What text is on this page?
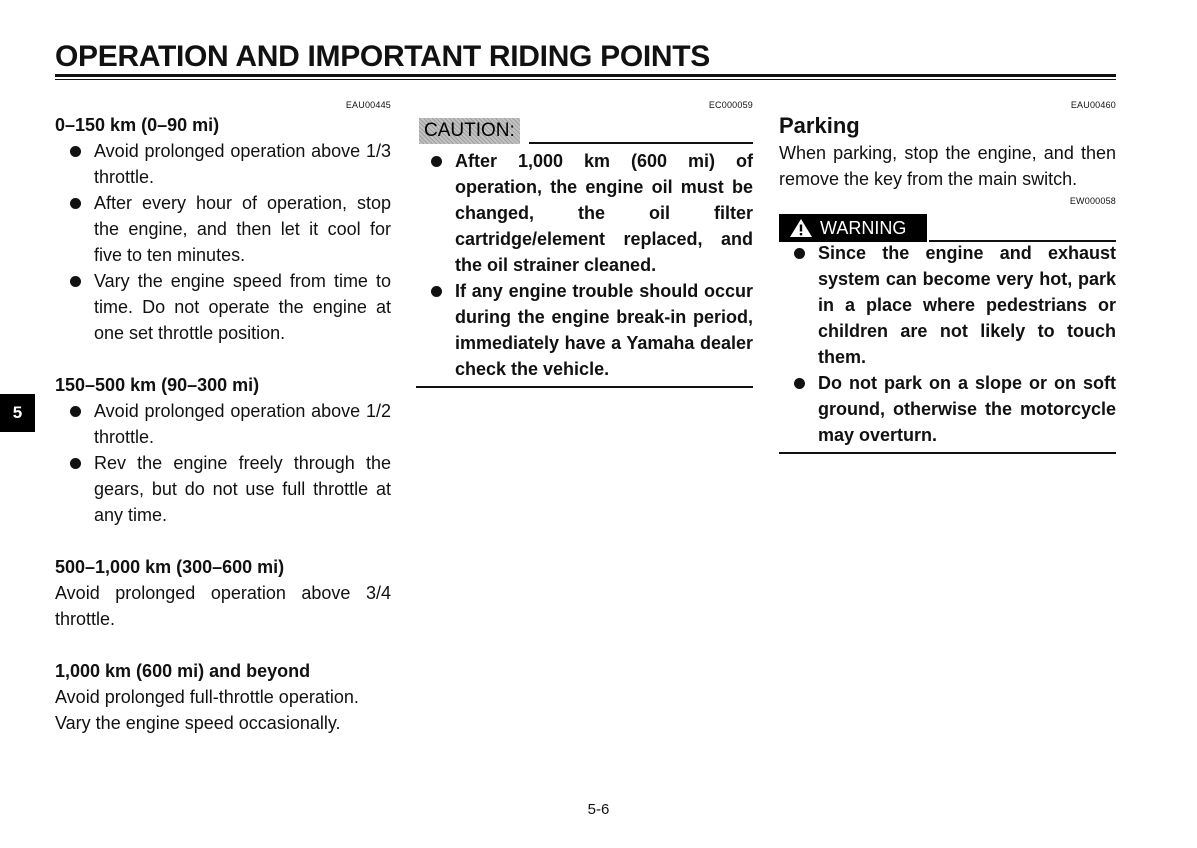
OPERATION AND IMPORTANT RIDING POINTS
5
EAU00445
0–150 km (0–90 mi)
Avoid prolonged operation above 1/3 throttle.
After every hour of operation, stop the engine, and then let it cool for five to ten minutes.
Vary the engine speed from time to time. Do not operate the engine at one set throttle position.
150–500 km (90–300 mi)
Avoid prolonged operation above 1/2 throttle.
Rev the engine freely through the gears, but do not use full throttle at any time.
500–1,000 km (300–600 mi)

Avoid prolonged operation above 3/4 throttle.

1,000 km (600 mi) and beyond

Avoid prolonged full-throttle operation.

Vary the engine speed occasionally.

EC000059
CAUTION:
After 1,000 km (600 mi) of operation, the engine oil must be changed, the oil filter cartridge/element replaced, and the oil strainer cleaned.
If any engine trouble should occur during the engine break-in period, immediately have a Yamaha dealer check the vehicle.
EAU00460
Parking

When parking, stop the engine, and then remove the key from the main switch.

EW000058
WARNING
Since the engine and exhaust system can become very hot, park in a place where pedestrians or children are not likely to touch them.
Do not park on a slope or on soft ground, otherwise the motorcycle may overturn.
5-6
